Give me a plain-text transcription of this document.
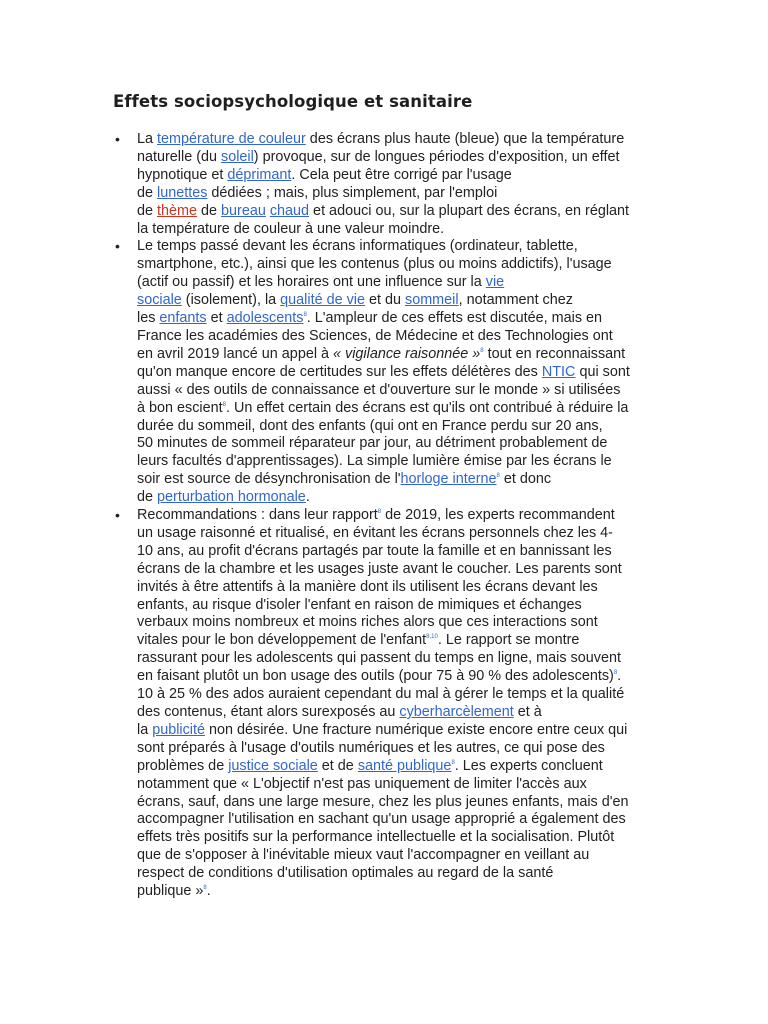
Effets sociopsychologique et sanitaire
• La température de couleur des écrans plus haute (bleue) que la température
naturelle (du soleil) provoque, sur de longues périodes d'exposition, un effet
hypnotique et déprimant. Cela peut être corrigé par l'usage
de lunettes dédiées ; mais, plus simplement, par l'emploi
de thème de bureau chaud et adouci ou, sur la plupart des écrans, en réglant
la température de couleur à une valeur moindre.
• Le temps passé devant les écrans informatiques (ordinateur, tablette,
smartphone, etc.), ainsi que les contenus (plus ou moins addictifs), l'usage
(actif ou passif) et les horaires ont une influence sur la vie
sociale (isolement), la qualité de vie et du sommeil, notamment chez
les enfants et adolescents$^8$. L'ampleur de ces effets est discutée, mais en
France les académies des Sciences, de Médecine et des Technologies ont
en avril 2019 lancé un appel à « vigilance raisonnée »$^8$ tout en reconnaissant
qu'on manque encore de certitudes sur les effets délétères des NTIC qui sont
aussi « des outils de connaissance et d'ouverture sur le monde » si utilisées
à bon escient$^8$. Un effet certain des écrans est qu'ils ont contribué à réduire la
durée du sommeil, dont des enfants (qui ont en France perdu sur 20 ans,
50 minutes de sommeil réparateur par jour, au détriment probablement de
leurs facultés d'apprentissages). La simple lumière émise par les écrans le
soir est source de désynchronisation de l'horloge interne$^8$ et donc
de perturbation hormonale.
• Recommandations : dans leur rapport$^8$ de 2019, les experts recommandent
un usage raisonné et ritualisé, en évitant les écrans personnels chez les 4-
10 ans, au profit d'écrans partagés par toute la famille et en bannissant les
écrans de la chambre et les usages juste avant le coucher. Les parents sont
invités à être attentifs à la manière dont ils utilisent les écrans devant les
enfants, au risque d'isoler l'enfant en raison de mimiques et échanges
verbaux moins nombreux et moins riches alors que ces interactions sont
vitales pour le bon développement de l'enfant$^{8,10}$. Le rapport se montre
rassurant pour les adolescents qui passent du temps en ligne, mais souvent
en faisant plutôt un bon usage des outils (pour 75 à 90 % des adolescents)$^8$.
10 à 25 % des ados auraient cependant du mal à gérer le temps et la qualité
des contenus, étant alors surexposés au cyberharcèlement et à
la publicité non désirée. Une fracture numérique existe encore entre ceux qui
sont préparés à l'usage d'outils numériques et les autres, ce qui pose des
problèmes de justice sociale et de santé publique$^8$. Les experts concluent
notamment que « L'objectif n'est pas uniquement de limiter l'accès aux
écrans, sauf, dans une large mesure, chez les plus jeunes enfants, mais d'en
accompagner l'utilisation en sachant qu'un usage approprié a également des
effets très positifs sur la performance intellectuelle et la socialisation. Plutôt
que de s'opposer à l'inévitable mieux vaut l'accompagner en veillant au
respect de conditions d'utilisation optimales au regard de la santé
publique »$^8$.
